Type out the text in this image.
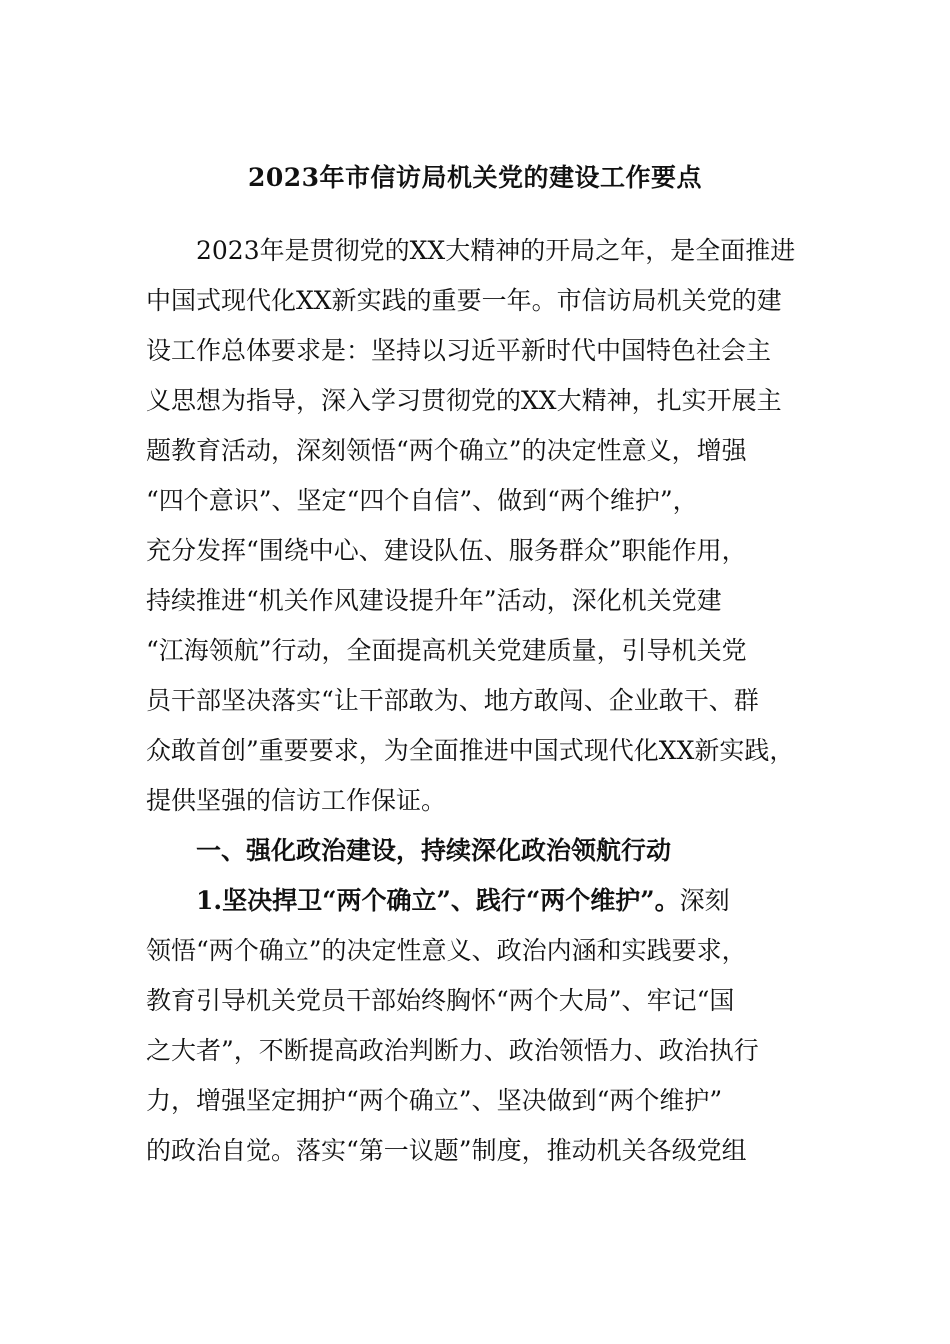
2023年市信访局机关党的建设工作要点
2023年是贯彻党的XX大精神的开局之年，是全面推进
中国式现代化XX新实践的重要一年。市信访局机关党的建
设工作总体要求是：坚持以习近平新时代中国特色社会主
义思想为指导，深入学习贯彻党的XX大精神，扎实开展主
题教育活动，深刻领悟“两个确立”的决定性意义，增强
“四个意识”、坚定“四个自信”、做到“两个维护”，
充分发挥“围绕中心、建设队伍、服务群众”职能作用，
持续推进“机关作风建设提升年”活动，深化机关党建
“江海领航”行动，全面提高机关党建质量，引导机关党
员干部坚决落实“让干部敢为、地方敢闯、企业敢干、群
众敢首创”重要要求，为全面推进中国式现代化XX新实践，
提供坚强的信访工作保证。
一、强化政治建设，持续深化政治领航行动
1.坚决捍卫“两个确立”、践行“两个维护”。深刻
领悟“两个确立”的决定性意义、政治内涵和实践要求，
教育引导机关党员干部始终胸怀“两个大局”、牢记“国
之大者”，不断提高政治判断力、政治领悟力、政治执行
力，增强坚定拥护“两个确立”、坚决做到“两个维护”
的政治自觉。落实“第一议题”制度，推动机关各级党组
